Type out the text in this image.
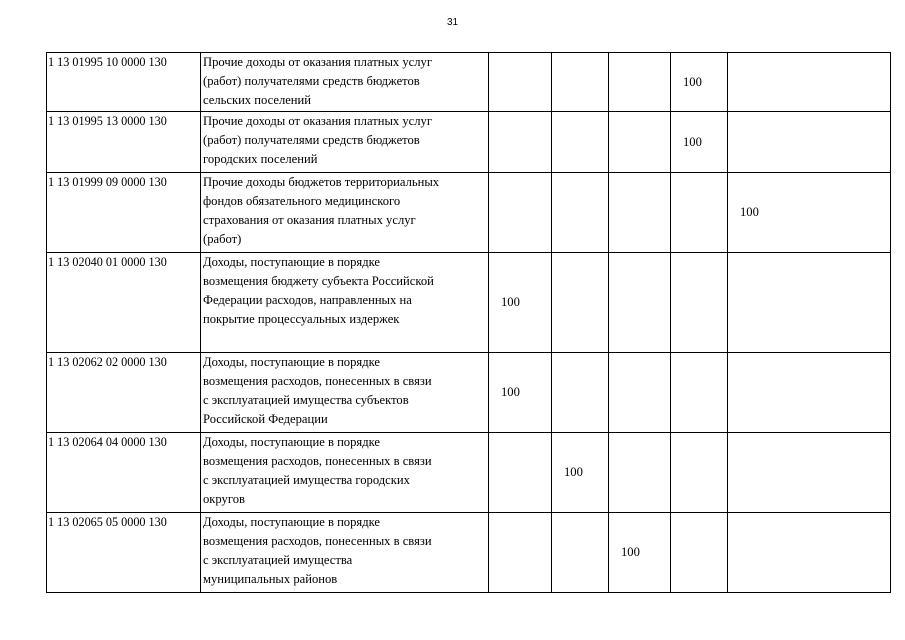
31
1 13 01995 10 0000 130	Прочие доходы от оказания платных услуг
(работ) получателями средств бюджетов
сельских поселений				100	
1 13 01995 13 0000 130	Прочие доходы от оказания платных услуг
(работ) получателями средств бюджетов
городских поселений				100	
1 13 01999 09 0000 130	Прочие доходы бюджетов территориальных
фондов обязательного медицинского
страхования от оказания платных услуг
(работ)					100
1 13 02040 01 0000 130	Доходы, поступающие в порядке
возмещения бюджету субъекта Российской
Федерации расходов, направленных на
покрытие процессуальных издержек	100				
1 13 02062 02 0000 130	Доходы, поступающие в порядке
возмещения расходов, понесенных в связи
с эксплуатацией имущества субъектов
Российской Федерации	100				
1 13 02064 04 0000 130	Доходы, поступающие в порядке
возмещения расходов, понесенных в связи
с эксплуатацией имущества городских
округов		100			
1 13 02065 05 0000 130	Доходы, поступающие в порядке
возмещения расходов, понесенных в связи
с эксплуатацией имущества
муниципальных районов			100		
